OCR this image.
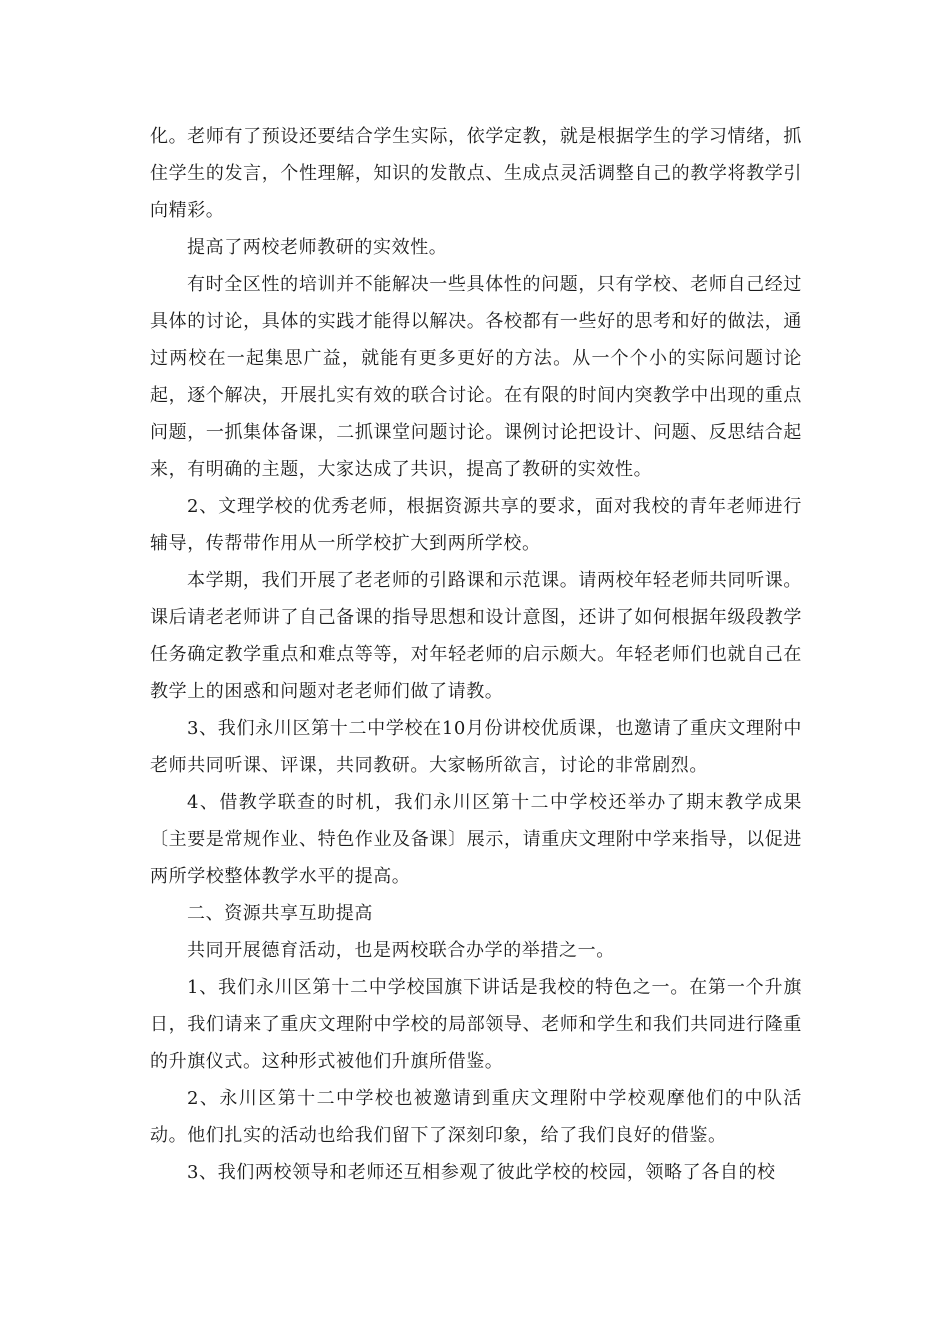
化。老师有了预设还要结合学生实际，依学定教，就是根据学生的学习情绪，抓住学生的发言，个性理解，知识的发散点、生成点灵活调整自己的教学将教学引向精彩。

提高了两校老师教研的实效性。

有时全区性的培训并不能解决一些具体性的问题，只有学校、老师自己经过具体的讨论，具体的实践才能得以解决。各校都有一些好的思考和好的做法，通过两校在一起集思广益，就能有更多更好的方法。从一个个小的实际问题讨论起，逐个解决，开展扎实有效的联合讨论。在有限的时间内突教学中出现的重点问题，一抓集体备课，二抓课堂问题讨论。课例讨论把设计、问题、反思结合起来，有明确的主题，大家达成了共识，提高了教研的实效性。

2、文理学校的优秀老师，根据资源共享的要求，面对我校的青年老师进行辅导，传帮带作用从一所学校扩大到两所学校。

本学期，我们开展了老老师的引路课和示范课。请两校年轻老师共同听课。课后请老老师讲了自己备课的指导思想和设计意图，还讲了如何根据年级段教学任务确定教学重点和难点等等，对年轻老师的启示颇大。年轻老师们也就自己在教学上的困惑和问题对老老师们做了请教。

3、我们永川区第十二中学校在10月份讲校优质课，也邀请了重庆文理附中老师共同听课、评课，共同教研。大家畅所欲言，讨论的非常剧烈。

4、借教学联查的时机，我们永川区第十二中学校还举办了期末教学成果〔主要是常规作业、特色作业及备课〕展示，请重庆文理附中学来指导，以促进两所学校整体教学水平的提高。

二、资源共享互助提高

共同开展德育活动，也是两校联合办学的举措之一。

1、我们永川区第十二中学校国旗下讲话是我校的特色之一。在第一个升旗日，我们请来了重庆文理附中学校的局部领导、老师和学生和我们共同进行隆重的升旗仪式。这种形式被他们升旗所借鉴。

2、永川区第十二中学校也被邀请到重庆文理附中学校观摩他们的中队活动。他们扎实的活动也给我们留下了深刻印象，给了我们良好的借鉴。

3、我们两校领导和老师还互相参观了彼此学校的校园，领略了各自的校
